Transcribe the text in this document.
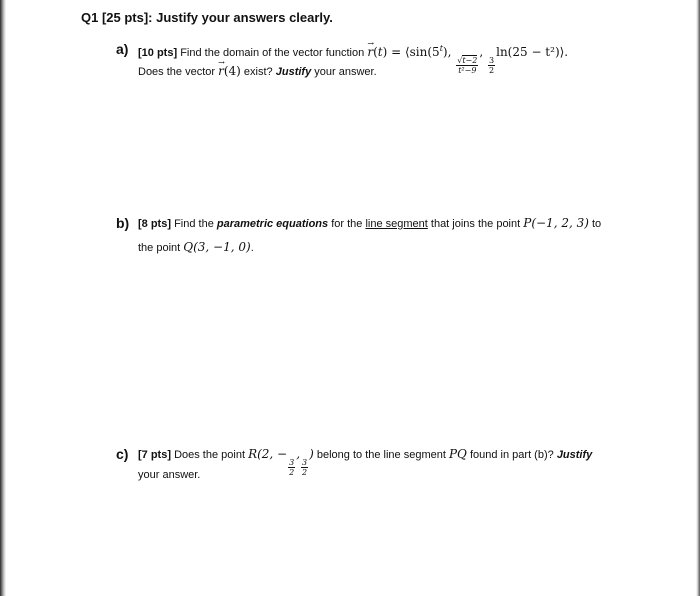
Q1 [25 pts]: Justify your answers clearly.
a) [10 pts] Find the domain of the vector function $r \to(t) = ⟨\sin(5^t)$,
$\frac{√t-2}{\text{t²−9}}$
,
$\frac{3}{2}$
ln(25 − t²)⟩.
Does the vector r →(4) exist? Justify your answer.
b) [8 pts] Find the parametric equations for the line segment that joins the point P(−1, 2, 3) to
the point Q(3, −1, 0).
c) [7 pts] Does the point R(2, −
$\frac{3}{2}$
,
$\frac{3}{2}$
) belong to the line segment PQ found in part (b)? Justify
your answer.
